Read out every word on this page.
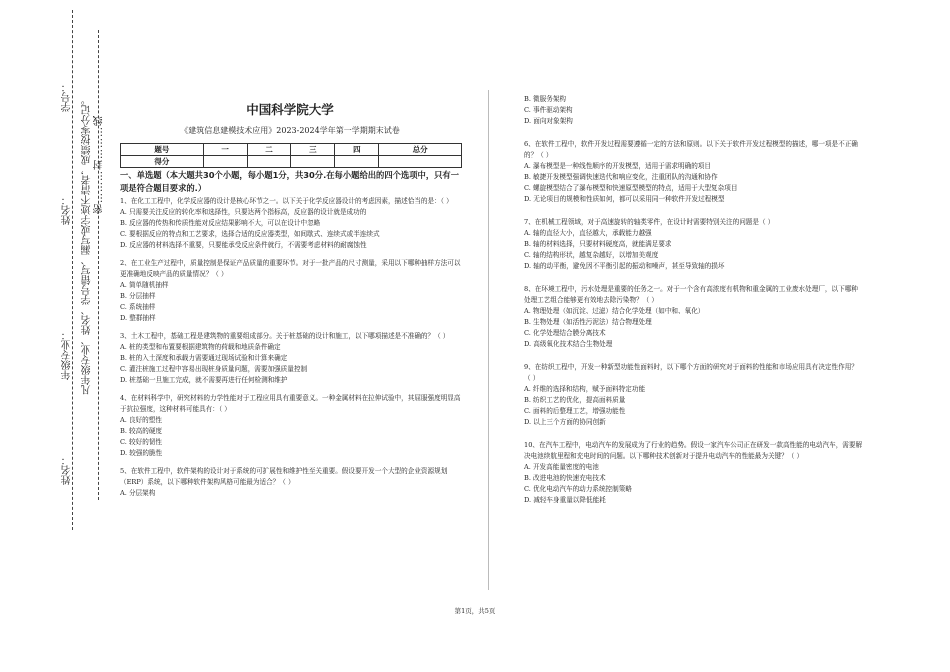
学号：
姓名：
年级专业：
姓名：
凡年级专业、姓名、学号错写、漏写或字迹不清者，成绩按零分记。 密………封………线
中国科学院大学
《建筑信息建模技术应用》2023-2024学年第一学期期末试卷
题号	一	二	三	四	总分
得分					

一、单选题（本大题共30个小题，每小题1分，共30分.在每小题给出的四个选项中，只有一项是符合题目要求的.）

1、在化工工程中，化学反应器的设计是核心环节之一。以下关于化学反应器设计的考虑因素，描述恰当的是：（ ）

A. 只需要关注反应的转化率和选择性，只要达两个指标高，反应器的设计就是成功的

B. 反应器的传热和传质性能对反应结果影响不大，可以在设计中忽略

C. 要根据反应的特点和工艺要求，选择合适的反应器类型，如间歇式、连续式或半连续式

D. 反应器的材料选择不重要，只要能承受反应条件就行，不需要考虑材料的耐腐蚀性

2、在工业生产过程中，质量控制是保证产品质量的重要环节。对于一批产品的尺寸测量，采用以下哪种抽样方法可以更准确地反映产品的质量情况？（ ）

A. 简单随机抽样

B. 分层抽样

C. 系统抽样

D. 整群抽样

3、土木工程中，基础工程是建筑物的重要组成部分。关于桩基础的设计和施工，以下哪项描述是不准确的？（ ）

A. 桩的类型和布置要根据建筑物的荷载和地质条件确定

B. 桩的入土深度和承载力需要通过现场试验和计算来确定

C. 灌注桩施工过程中容易出现桩身质量问题，需要加强质量控制

D. 桩基础一旦施工完成，就不需要再进行任何检测和维护

4、在材料科学中，研究材料的力学性能对于工程应用具有重要意义。一种金属材料在拉伸试验中，其屈服强度明显高于抗拉强度，这种材料可能具有：（ ）

A. 良好的塑性

B. 较高的硬度

C. 较好的韧性

D. 较强的脆性

5、在软件工程中，软件架构的设计对于系统的可扩展性和维护性至关重要。假设要开发一个大型的企业资源规划（ERP）系统，以下哪种软件架构风格可能最为适合？（ ）

A. 分层架构

B. 微服务架构

C. 事件驱动架构

D. 面向对象架构

6、在软件工程中，软件开发过程需要遵循一定的方法和原则。以下关于软件开发过程模型的描述，哪一项是不正确的？（ ）

A. 瀑布模型是一种线性顺序的开发模型，适用于需求明确的项目

B. 敏捷开发模型强调快速迭代和响应变化，注重团队的沟通和协作

C. 螺旋模型结合了瀑布模型和快速原型模型的特点，适用于大型复杂项目

D. 无论项目的规模和性质如何，都可以采用同一种软件开发过程模型

7、在机械工程领域，对于高速旋转的轴类零件，在设计时需要特别关注的问题是（ ）

A. 轴的直径大小，直径越大，承载能力越强

B. 轴的材料选择，只要材料硬度高，就能满足要求

C. 轴的结构形状，越复杂越好，以增加美观度

D. 轴的动平衡，避免因不平衡引起的振动和噪声，甚至导致轴的损坏

8、在环境工程中，污水处理是重要的任务之一。对于一个含有高浓度有机物和重金属的工业废水处理厂，以下哪种处理工艺组合能够更有效地去除污染物？（ ）

A. 物理处理（如沉淀、过滤）结合化学处理（如中和、氧化）

B. 生物处理（如活性污泥法）结合物理处理

C. 化学处理结合膜分离技术

D. 高级氧化技术结合生物处理

9、在纺织工程中，开发一种新型功能性面料时，以下哪个方面的研究对于面料的性能和市场应用具有决定性作用？（ ）

A. 纤维的选择和结构，赋予面料特定功能

B. 纺织工艺的优化，提高面料质量

C. 面料的后整理工艺，增强功能性

D. 以上三个方面的协同创新

10、在汽车工程中，电动汽车的发展成为了行业的趋势。假设一家汽车公司正在研发一款高性能的电动汽车，需要解决电池续航里程和充电时间的问题。以下哪种技术创新对于提升电动汽车的性能最为关键？（ ）

A. 开发高能量密度的电池

B. 改进电池的快速充电技术

C. 优化电动汽车的动力系统控制策略

D. 减轻车身重量以降低能耗

第1页，共5页
